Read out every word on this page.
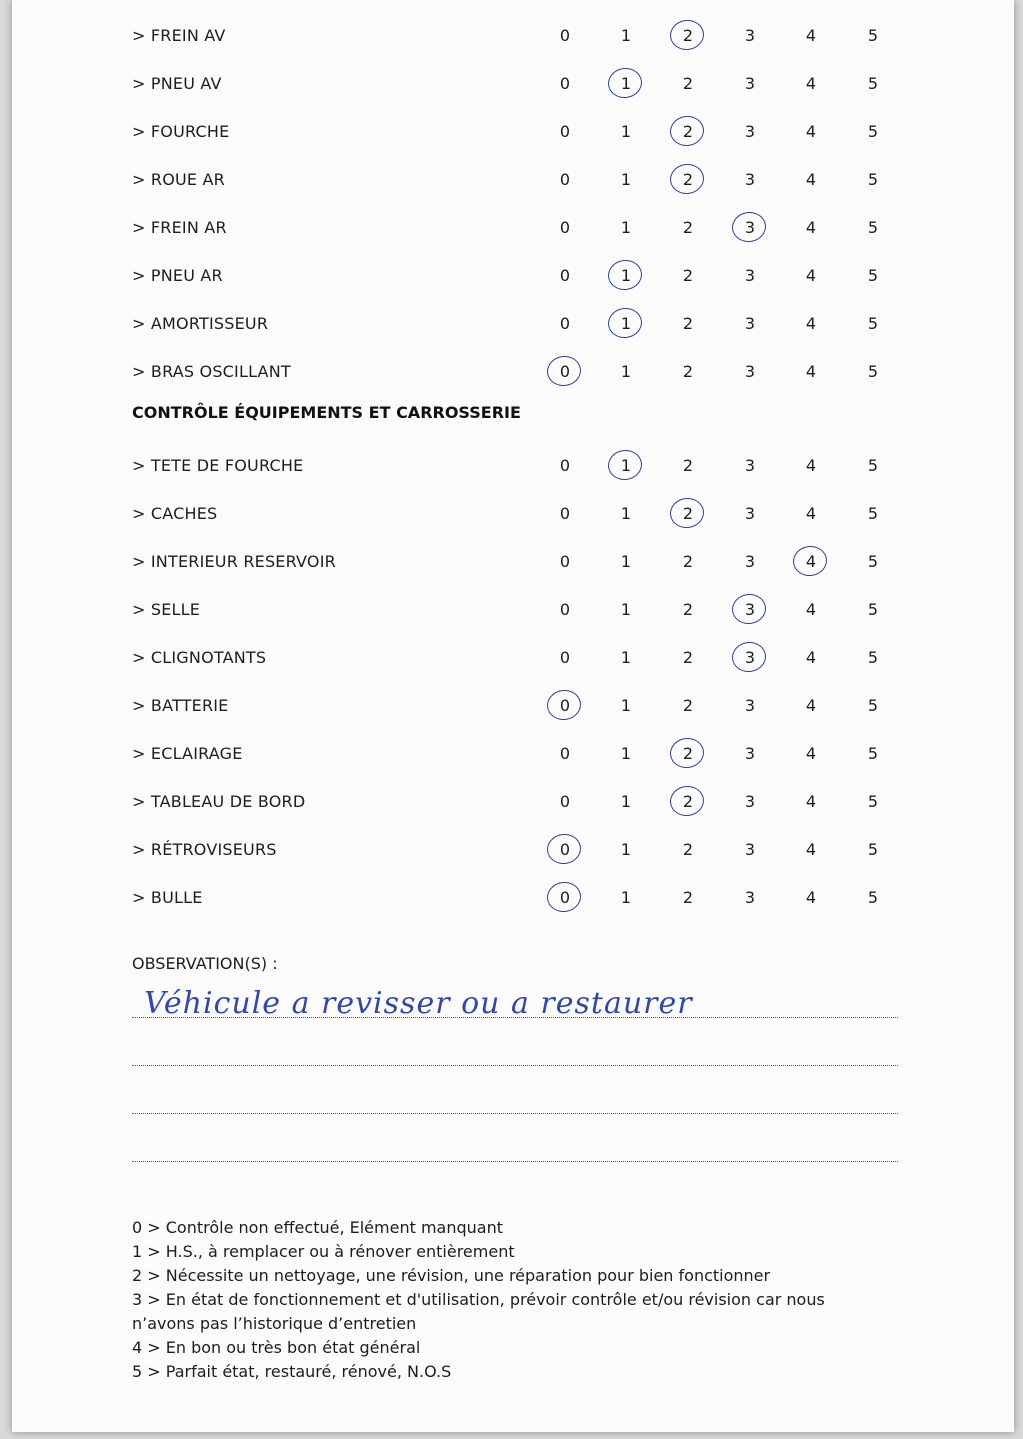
> FREIN AV	0	1	2	3	4	5
> PNEU AV	0	1	2	3	4	5
> FOURCHE	0	1	2	3	4	5
> ROUE AR	0	1	2	3	4	5
> FREIN AR	0	1	2	3	4	5
> PNEU AR	0	1	2	3	4	5
> AMORTISSEUR	0	1	2	3	4	5
> BRAS OSCILLANT	0	1	2	3	4	5
CONTRÔLE ÉQUIPEMENTS ET CARROSSERIE
> TETE DE FOURCHE	0	1	2	3	4	5
> CACHES	0	1	2	3	4	5
> INTERIEUR RESERVOIR	0	1	2	3	4	5
> SELLE	0	1	2	3	4	5
> CLIGNOTANTS	0	1	2	3	4	5
> BATTERIE	0	1	2	3	4	5
> ECLAIRAGE	0	1	2	3	4	5
> TABLEAU DE BORD	0	1	2	3	4	5
> RÉTROVISEURS	0	1	2	3	4	5
> BULLE	0	1	2	3	4	5
OBSERVATION(S) :
Véhicule a revisser ou a restaurer
0 > Contrôle non effectué, Elément manquant
1 > H.S., à remplacer ou à rénover entièrement
2 > Nécessite un nettoyage, une révision, une réparation pour bien fonctionner
3 > En état de fonctionnement et d'utilisation, prévoir contrôle et/ou révision car nous
n’avons pas l’historique d’entretien
4 > En bon ou très bon état général
5 > Parfait état, restauré, rénové, N.O.S
